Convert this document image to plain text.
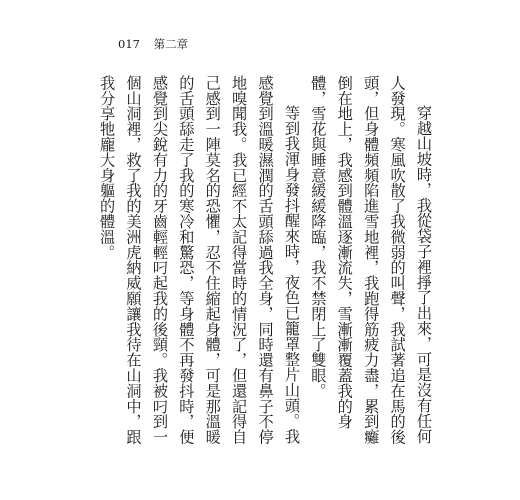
017 第二章

穿越山坡時，我從袋子裡掙了出來，可是沒有任何人發現。寒風吹散了我微弱的叫聲，我試著追在馬的後頭，但身體頻頻陷進雪地裡，我跑得筋疲力盡，累到癱倒在地上，我感到體溫逐漸流失，雪漸漸覆蓋我的身體，雪花與睡意緩緩降臨，我不禁閉上了雙眼。

等到我渾身發抖醒來時，夜色已籠罩整片山頭。我感覺到溫暖濕潤的舌頭舔過我全身，同時還有鼻子不停地嗅聞我。我已經不太記得當時的情況了，但還記得自己感到一陣莫名的恐懼，忍不住縮起身體，可是那溫暖的舌頭舔走了我的寒冷和驚恐，等身體不再發抖時，便感覺到尖銳有力的牙齒輕輕叼起我的後頸。我被叼到一個山洞裡，救了我的美洲虎納威願讓我待在山洞中，跟我分享牠龐大身軀的體溫。
